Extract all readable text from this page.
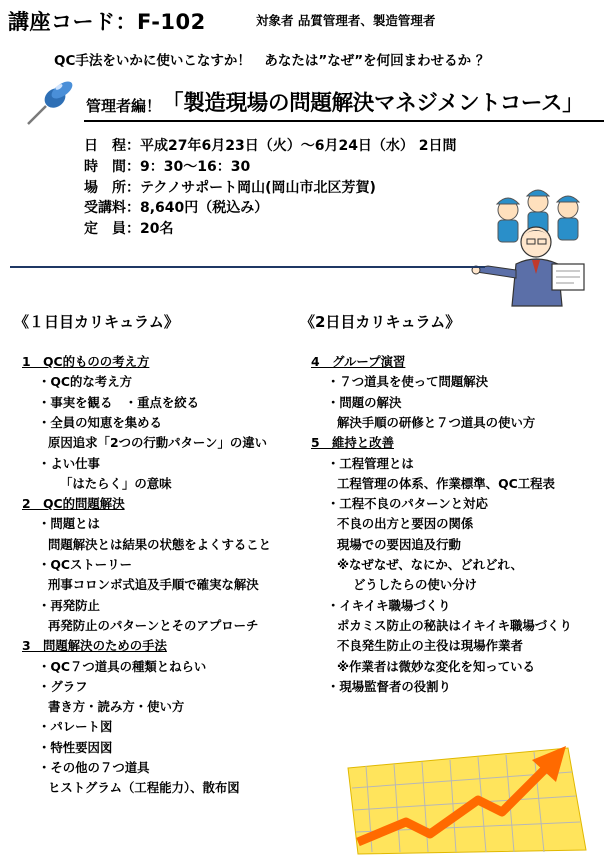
講座コード：F-102	対象者 品質管理者、製造管理者
QC手法をいかに使いこなすか！　あなたは”なぜ”を何回まわせるか ？
管理者編！ 「製造現場の問題解決マネジメントコース」
日　程：平成27年6月23日（火）～6月24日（水） 2日間
時　間：9：30～16：30
場　所：テクノサポート岡山(岡山市北区芳賀)
受講料：8,640円（税込み）
定　員：20名
《１日目カリキュラム》
1　QC的ものの考え方
・QC的な考え方
・事実を観る　・重点を絞る
・全員の知恵を集める
原因追求「2つの行動パターン」の違い
・よい仕事
「はたらく」の意味
2　QC的問題解決
・問題とは
問題解決とは結果の状態をよくすること
・QCストーリー
刑事コロンボ式追及手順で確実な解決
・再発防止
再発防止のパターンとそのアプローチ
3　問題解決のための手法
・QC７つ道具の種類とねらい
・グラフ
書き方・読み方・使い方
・パレート図
・特性要因図
・その他の７つ道具
ヒストグラム（工程能力）、散布図
《2日目カリキュラム》
4　グループ演習
・７つ道具を使って問題解決
・問題の解決
解決手順の研修と７つ道具の使い方
5　維持と改善
・工程管理とは
工程管理の体系、作業標準、QC工程表
・工程不良のパターンと対応
不良の出方と要因の関係
現場での要因追及行動
※なぜなぜ、なにか、どれどれ、
どうしたらの使い分け
・イキイキ職場づくり
ポカミス防止の秘訣はイキイキ職場づくり
不良発生防止の主役は現場作業者
※作業者は微妙な変化を知っている
・現場監督者の役割り
